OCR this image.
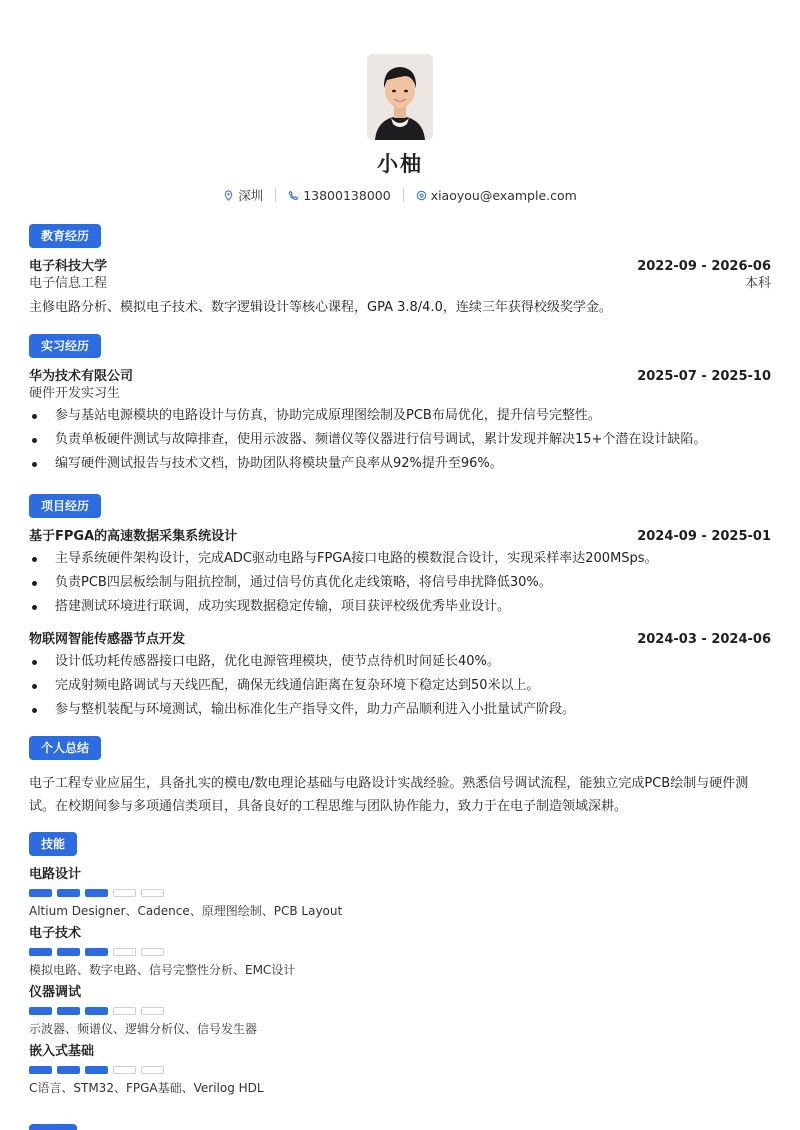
小柚
深圳	13800138000	xiaoyou@example.com
教育经历
电子科技大学	2022-09 - 2026-06
电子信息工程	本科
主修电路分析、模拟电子技术、数字逻辑设计等核心课程，GPA 3.8/4.0，连续三年获得校级奖学金。
实习经历
华为技术有限公司	2025-07 - 2025-10
硬件开发实习生
参与基站电源模块的电路设计与仿真，协助完成原理图绘制及PCB布局优化，提升信号完整性。
负责单板硬件测试与故障排查，使用示波器、频谱仪等仪器进行信号调试，累计发现并解决15+个潜在设计缺陷。
编写硬件测试报告与技术文档，协助团队将模块量产良率从92%提升至96%。
项目经历
基于FPGA的高速数据采集系统设计	2024-09 - 2025-01
主导系统硬件架构设计，完成ADC驱动电路与FPGA接口电路的模数混合设计，实现采样率达200MSps。
负责PCB四层板绘制与阻抗控制，通过信号仿真优化走线策略，将信号串扰降低30%。
搭建测试环境进行联调，成功实现数据稳定传输，项目获评校级优秀毕业设计。
物联网智能传感器节点开发	2024-03 - 2024-06
设计低功耗传感器接口电路，优化电源管理模块，使节点待机时间延长40%。
完成射频电路调试与天线匹配，确保无线通信距离在复杂环境下稳定达到50米以上。
参与整机装配与环境测试，输出标准化生产指导文件，助力产品顺利进入小批量试产阶段。
个人总结
电子工程专业应届生，具备扎实的模电/数电理论基础与电路设计实战经验。熟悉信号调试流程，能独立完成PCB绘制与硬件测试。在校期间参与多项通信类项目，具备良好的工程思维与团队协作能力，致力于在电子制造领域深耕。
技能
电路设计
Altium Designer、Cadence、原理图绘制、PCB Layout
电子技术
模拟电路、数字电路、信号完整性分析、EMC设计
仪器调试
示波器、频谱仪、逻辑分析仪、信号发生器
嵌入式基础
C语言、STM32、FPGA基础、Verilog HDL
